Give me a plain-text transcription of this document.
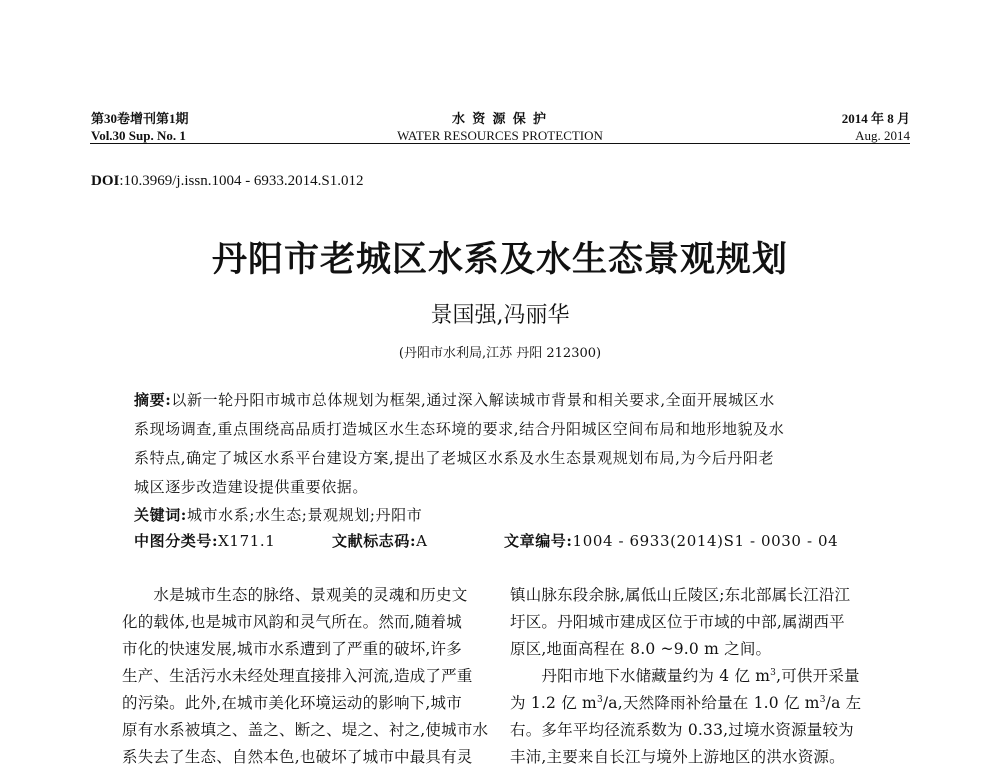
第30卷增刊第1期
Vol.30 Sup. No. 1
水 资 源 保 护
WATER RESOURCES PROTECTION
2014 年 8 月
Aug. 2014
DOI:10.3969/j.issn.1004 - 6933.2014.S1.012
丹阳市老城区水系及水生态景观规划
景国强,冯丽华
(丹阳市水利局,江苏 丹阳 212300)
摘要:以新一轮丹阳市城市总体规划为框架,通过深入解读城市背景和相关要求,全面开展城区水
系现场调查,重点围绕高品质打造城区水生态环境的要求,结合丹阳城区空间布局和地形地貌及水
系特点,确定了城区水系平台建设方案,提出了老城区水系及水生态景观规划布局,为今后丹阳老
城区逐步改造建设提供重要依据。
关键词:城市水系;水生态;景观规划;丹阳市
中图分类号:X171.1	文献标志码:A	文章编号:1004 - 6933(2014)S1 - 0030 - 04
　　水是城市生态的脉络、景观美的灵魂和历史文
化的载体,也是城市风韵和灵气所在。然而,随着城
市化的快速发展,城市水系遭到了严重的破坏,许多
生产、生活污水未经处理直接排入河流,造成了严重
的污染。此外,在城市美化环境运动的影响下,城市
原有水系被填之、盖之、断之、堤之、衬之,使城市水
系失去了生态、自然本色,也破坏了城市中最具有灵
镇山脉东段余脉,属低山丘陵区;东北部属长江沿江
圩区。丹阳城市建成区位于市域的中部,属湖西平
原区,地面高程在 8.0 ~9.0 m 之间。
　　丹阳市地下水储藏量约为 4 亿 $m^3$,可供开采量
为 1.2 亿 $m^3/a$,天然降雨补给量在 1.0 亿 $m^3/a$ 左
右。多年平均径流系数为 0.33,过境水资源量较为
丰沛,主要来自长江与境外上游地区的洪水资源。
